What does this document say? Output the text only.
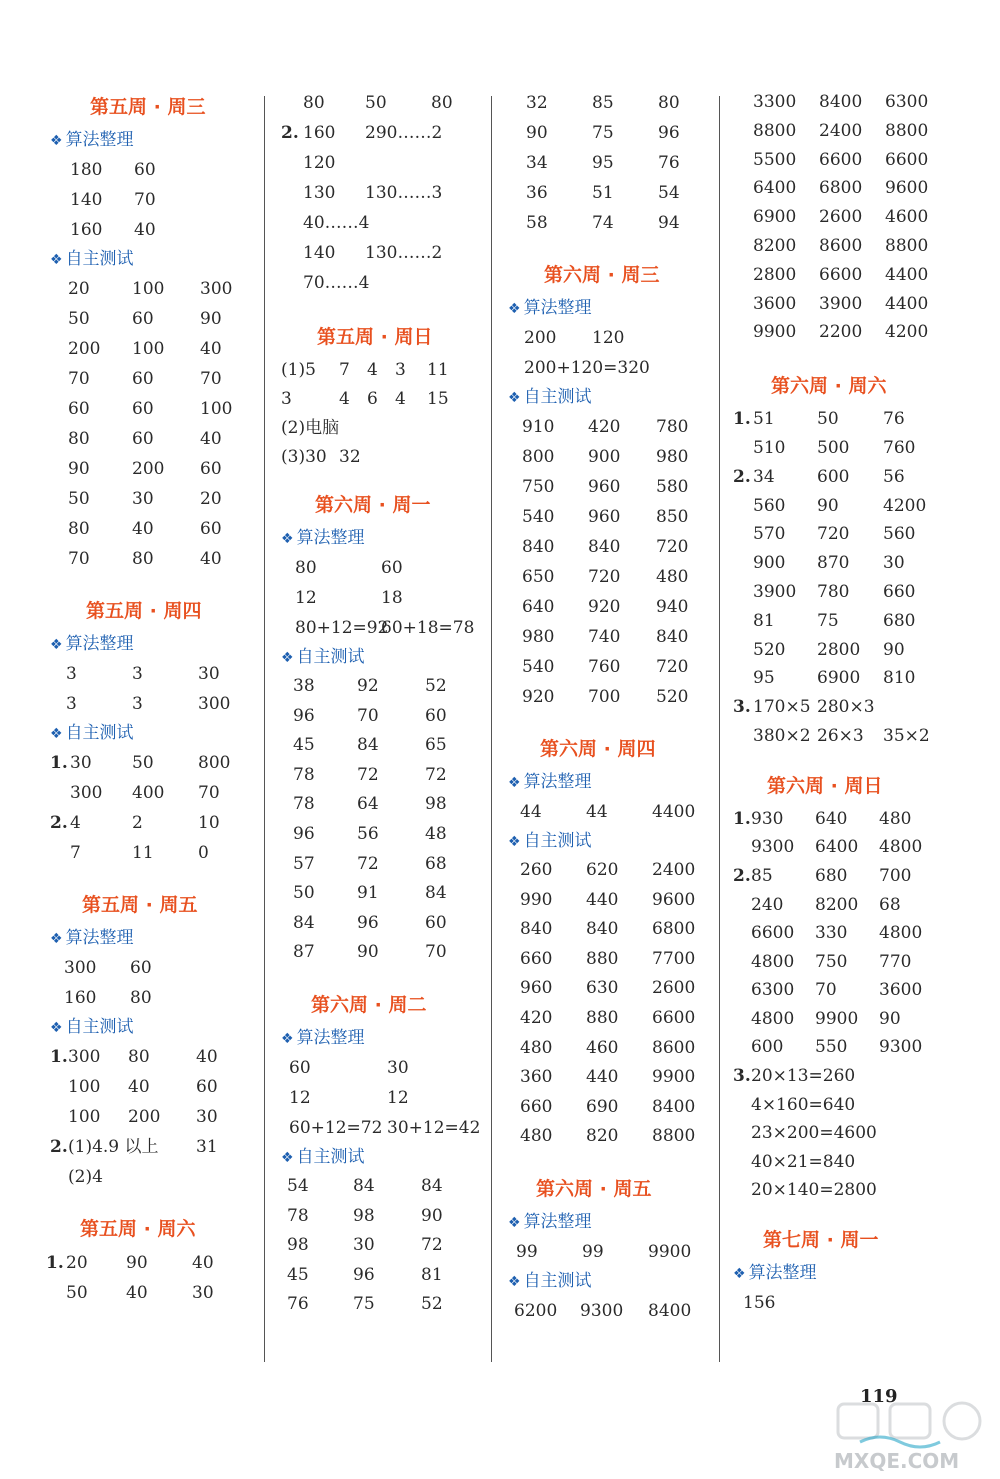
第五周 · 周三
❖ 算法整理
180 60
140 70
160 40
❖ 自主测试
20 100 300
50 60	90
200 100 40
70 60	70
60 60	100
80 60	40
90 200 60
50 30	20
80 40	60
70 80	40
第五周 · 周四
❖ 算法整理
3	3	30
3	3	300
❖ 自主测试
1. 30 50	800
300 400 70
2. 4	2	10
7	11	0
第五周 · 周五
❖ 算法整理
300 60
160 80
❖ 自主测试
1. 300 80	40
100 40	60
100 200 30
2. (1)4.9 以上 31
(2)4
第五周 · 周六
1. 20 90	40
50 40	30
80 50	80
2. 160 290……2
120
130 130……3
40……4
140 130……2
70……4
第五周 · 周日
(1)5 7 4 3 11
3	4 6 4 15
(2)电脑
(3)30 32
第六周 · 周一
❖ 算法整理
80	60
12	18
80+12=92
60+18=78
❖ 自主测试
38 92	52
96 70	60
45 84	65
78 72	72
78 64	98
96 56	48
57 72	68
50 91	84
84 96	60
87 90	70
第六周 · 周二
❖ 算法整理
60	30
12	12
60+12=72 30+12=42
❖ 自主测试
54	84	84
78	98	90
98	30	72
45	96	81
76	75	52
32	85	80
90	75	96
34	95	76
36	51	54
58	74	94
第六周 · 周三
❖ 算法整理
200 120
200+120=320
❖ 自主测试
910 420 780
800 900 980
750 960 580
540 960 850
840 840 720
650 720 480
640 920 940
980 740 840
540 760 720
920 700 520
第六周 · 周四
❖ 算法整理
44	44	4400
❖ 自主测试
260 620 2400
990 440 9600
840 840 6800
660 880 7700
960 630 2600
420 880 6600
480 460 8600
360 440 9900
660 690 8400
480 820 8800
第六周 · 周五
❖ 算法整理
99	99	9900
❖ 自主测试
6200 9300 8400
3300 8400 6300
8800 2400 8800
5500 6600 6600
6400 6800 9600
6900 2600 4600
8200 8600 8800
2800 6600 4400
3600 3900 4400
9900 2200 4200
第六周 · 周六
1. 51 50	76
510 500 760
2. 34 600 56
560 90	4200
570 720 560
900 870 30
3900 780 660
81 75	680
520 2800 90
95 6900 810
3. 170×5 280×3
380×2 26×3 35×2
第六周 · 周日
1. 930 640 480
9300 6400 4800
2. 85 680 700
240 8200 68
6600 330 4800
4800 750 770
6300 70 3600
4800 9900 90
600 550 9300
3. 20×13=260
4×160=640
23×200=4600
40×21=840
20×140=2800
第七周 · 周一
❖ 算法整理
156
119
MXQE.COM
